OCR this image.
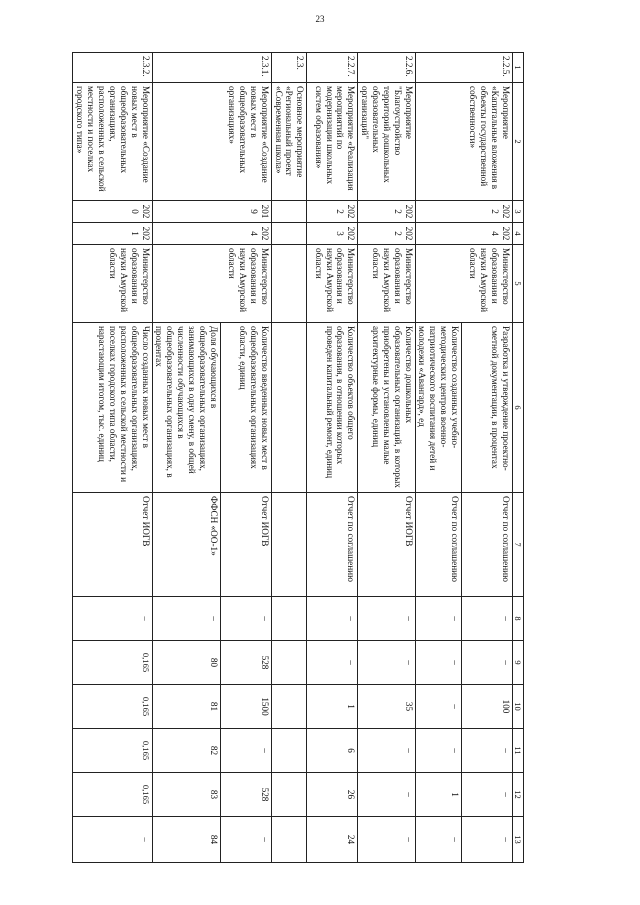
23
1	2	3	4	5	6	7	8	9	10	11	12	13
2.2.5.	Мероприятие «Капитальные вложения в объекты государственной собственности»	2022	2024	Министерство образования и науки Амурской области	Разработка и утверждение проектно-сметной документации, в процентах	Отчет по соглашению	–	–	100	–	–	–
					Количество созданных учебно-методических центров военно-патриотического воспитания детей и молодежи «Авангард», ед	Отчет по соглашению	–	–	–	–	1	–
2.2.6.	Мероприятие "Благоустройство территорий дошкольных образовательных организаций"	2022	2022	Министерство образования и науки Амурской области	Количество дошкольных образовательных организаций, в которых приобретены и установлены малые архитектурные формы, единиц	Отчет ИОГВ	–	–	35	–	–	–
2.2.7.	Мероприятие «Реализация мероприятий по модернизации школьных систем образования»	2022	2023	Министерство образования и науки Амурской области	Количество объектов общего образования, в отношении которых проведен капитальный ремонт, единиц	Отчет по соглашению	–	–	1	6	26	24
2.3.	Основное мероприятие «Региональный проект «Современная школа»											
2.3.1.	Мероприятие «Создание новых мест в общеобразовательных организациях»	2019	2024	Министерство образования и науки Амурской области	Количество введенных новых мест в общеобразовательных организациях области, единиц	Отчет ИОГВ	–	528	1500	–	528	–
					Доля обучающихся в общеобразовательных организациях, занимающихся в одну смену, в общей численности обучающихся в общеобразовательных организациях, в процентах	ФФСН «ОО-1»	–	80	81	82	83	84
2.3.2.	Мероприятие «Создание новых мест в общеобразовательных организациях, расположенных в сельской местности и поселках городского типа»	2020	2021	Министерство образования и науки Амурской области	Число созданных новых мест в общеобразовательных организациях, расположенных в сельской местности и поселках городского типа области, нарастающим итогом, тыс. единиц	Отчет ИОГВ	–	0,165	0,165	0,165	0,165	–
